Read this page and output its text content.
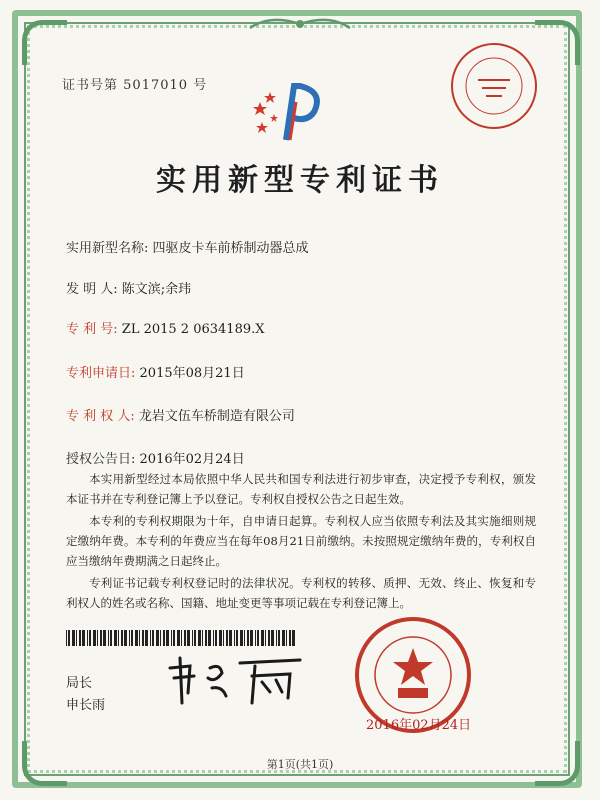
证书号第 5017010 号
实用新型专利证书
实用新型名称: 四驱皮卡车前桥制动器总成
发 明 人: 陈文滨;余玮
专 利 号: ZL 2015 2 0634189.X
专利申请日: 2015年08月21日
专 利 权 人: 龙岩文伍车桥制造有限公司
授权公告日: 2016年02月24日
本实用新型经过本局依照中华人民共和国专利法进行初步审查，决定授予专利权，颁发本证书并在专利登记簿上予以登记。专利权自授权公告之日起生效。
本专利的专利权期限为十年，自申请日起算。专利权人应当依照专利法及其实施细则规定缴纳年费。本专利的年费应当在每年08月21日前缴纳。未按照规定缴纳年费的，专利权自应当缴纳年费期满之日起终止。
专利证书记载专利权登记时的法律状况。专利权的转移、质押、无效、终止、恢复和专利权人的姓名或名称、国籍、地址变更等事项记载在专利登记簿上。
局长
申长雨
2016年02月24日
第1页(共1页)
